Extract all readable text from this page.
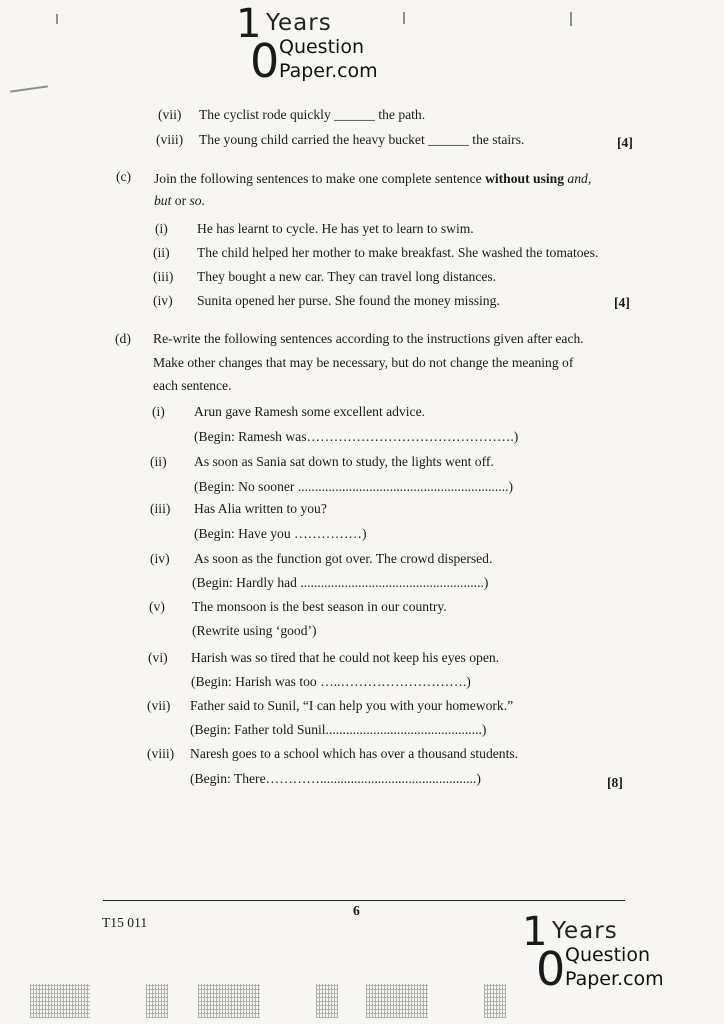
1
0
Years
Question
Paper.com
(vii) The cyclist rode quickly ______ the path.
(viii) The young child carried the heavy bucket ______ the stairs.	[4]
(c) Join the following sentences to make one complete sentence without using and,
but or so.
(i) He has learnt to cycle. He has yet to learn to swim.
(ii) The child helped her mother to make breakfast. She washed the tomatoes.
(iii) They bought a new car. They can travel long distances.
(iv) Sunita opened her purse. She found the money missing.	[4]
(d) Re-write the following sentences according to the instructions given after each.
Make other changes that may be necessary, but do not change the meaning of
each sentence.
(i) Arun gave Ramesh some excellent advice.
(Begin: Ramesh was……………………………………….)
(ii) As soon as Sania sat down to study, the lights went off.
(Begin: No sooner ..............................................................)
(iii) Has Alia written to you?
(Begin: Have you ……………)
(iv) As soon as the function got over. The crowd dispersed.
(Begin: Hardly had ......................................................)
(v) The monsoon is the best season in our country.
(Rewrite using ‘good’)
(vi) Harish was so tired that he could not keep his eyes open.
(Begin: Harish was too …..……………………….)
(vii) Father said to Sunil, “I can help you with your homework.”
(Begin: Father told Sunil..............................................)
(viii) Naresh goes to a school which has over a thousand students.
(Begin: There…………..............................................)	[8]
6
T15 011	1
0
Years
Question
Paper.com
